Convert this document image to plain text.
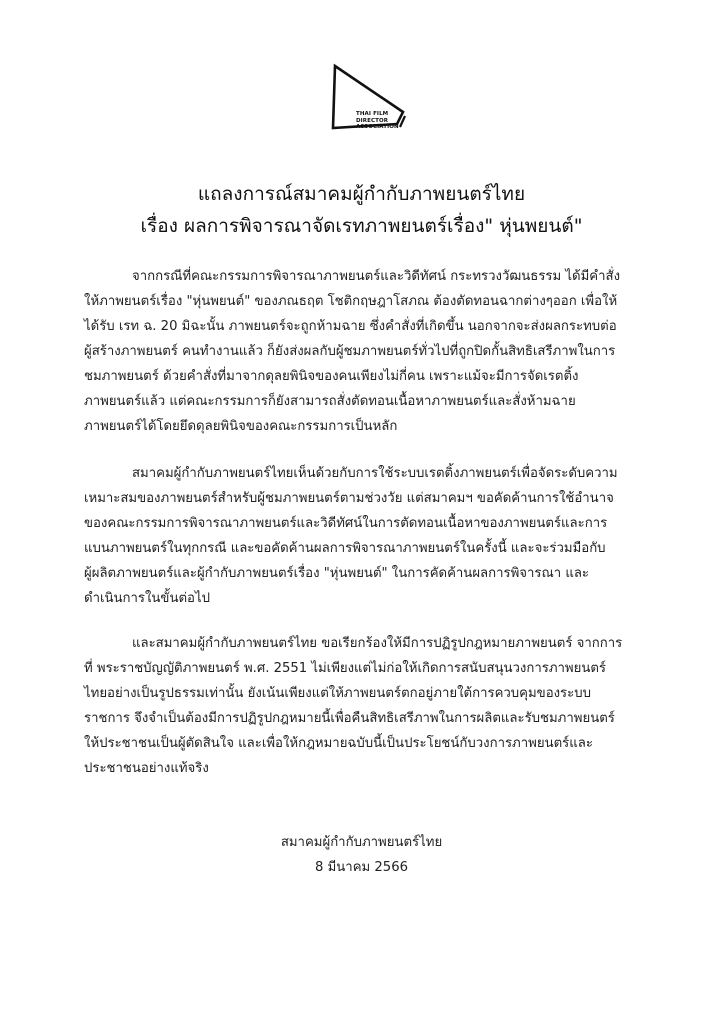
THAI FILM
DIRECTOR
ASSOCIATION
แถลงการณ์สมาคมผู้กำกับภาพยนตร์ไทย
เรื่อง ผลการพิจารณาจัดเรทภาพยนตร์เรื่อง" หุ่นพยนต์"
จากกรณีที่คณะกรรมการพิจารณาภาพยนตร์และวิดีทัศน์ กระทรวงวัฒนธรรม ได้มีคำสั่ง
ให้ภาพยนตร์เรื่อง "หุ่นพยนต์" ของภณธฤต โชติกฤษฎาโสภณ ต้องตัดทอนฉากต่างๆออก เพื่อให้
ได้รับ เรท ฉ. 20 มิฉะนั้น ภาพยนตร์จะถูกห้ามฉาย ซึ่งคำสั่งที่เกิดขึ้น นอกจากจะส่งผลกระทบต่อ
ผู้สร้างภาพยนตร์ คนทำงานแล้ว ก็ยังส่งผลกับผู้ชมภาพยนตร์ทั่วไปที่ถูกปิดกั้นสิทธิเสรีภาพในการ
ชมภาพยนตร์ ด้วยคำสั่งที่มาจากดุลยพินิจของคนเพียงไม่กี่คน เพราะแม้จะมีการจัดเรตติ้ง
ภาพยนตร์แล้ว แต่คณะกรรมการก็ยังสามารถสั่งตัดทอนเนื้อหาภาพยนตร์และสั่งห้ามฉาย
ภาพยนตร์ได้โดยยึดดุลยพินิจของคณะกรรมการเป็นหลัก
สมาคมผู้กำกับภาพยนตร์ไทยเห็นด้วยกับการใช้ระบบเรตติ้งภาพยนตร์เพื่อจัดระดับความ
เหมาะสมของภาพยนตร์สำหรับผู้ชมภาพยนตร์ตามช่วงวัย แต่สมาคมฯ ขอคัดค้านการใช้อำนาจ
ของคณะกรรมการพิจารณาภาพยนตร์และวิดีทัศน์ในการตัดทอนเนื้อหาของภาพยนตร์และการ
แบนภาพยนตร์ในทุกกรณี และขอคัดค้านผลการพิจารณาภาพยนตร์ในครั้งนี้ และจะร่วมมือกับ
ผู้ผลิตภาพยนตร์และผู้กำกับภาพยนตร์เรื่อง "หุ่นพยนต์" ในการคัดค้านผลการพิจารณา และ
ดำเนินการในขั้นต่อไป
และสมาคมผู้กำกับภาพยนตร์ไทย ขอเรียกร้องให้มีการปฏิรูปกฎหมายภาพยนตร์ จากการ
ที่ พระราชบัญญัติภาพยนตร์ พ.ศ. 2551 ไม่เพียงแต่ไม่ก่อให้เกิดการสนับสนุนวงการภาพยนตร์
ไทยอย่างเป็นรูปธรรมเท่านั้น ยังเน้นเพียงแต่ให้ภาพยนตร์ตกอยู่ภายใต้การควบคุมของระบบ
ราชการ จึงจำเป็นต้องมีการปฏิรูปกฎหมายนี้เพื่อคืนสิทธิเสรีภาพในการผลิตและรับชมภาพยนตร์
ให้ประชาชนเป็นผู้ตัดสินใจ และเพื่อให้กฎหมายฉบับนี้เป็นประโยชน์กับวงการภาพยนตร์และ
ประชาชนอย่างแท้จริง
สมาคมผู้กำกับภาพยนตร์ไทย
8 มีนาคม 2566
